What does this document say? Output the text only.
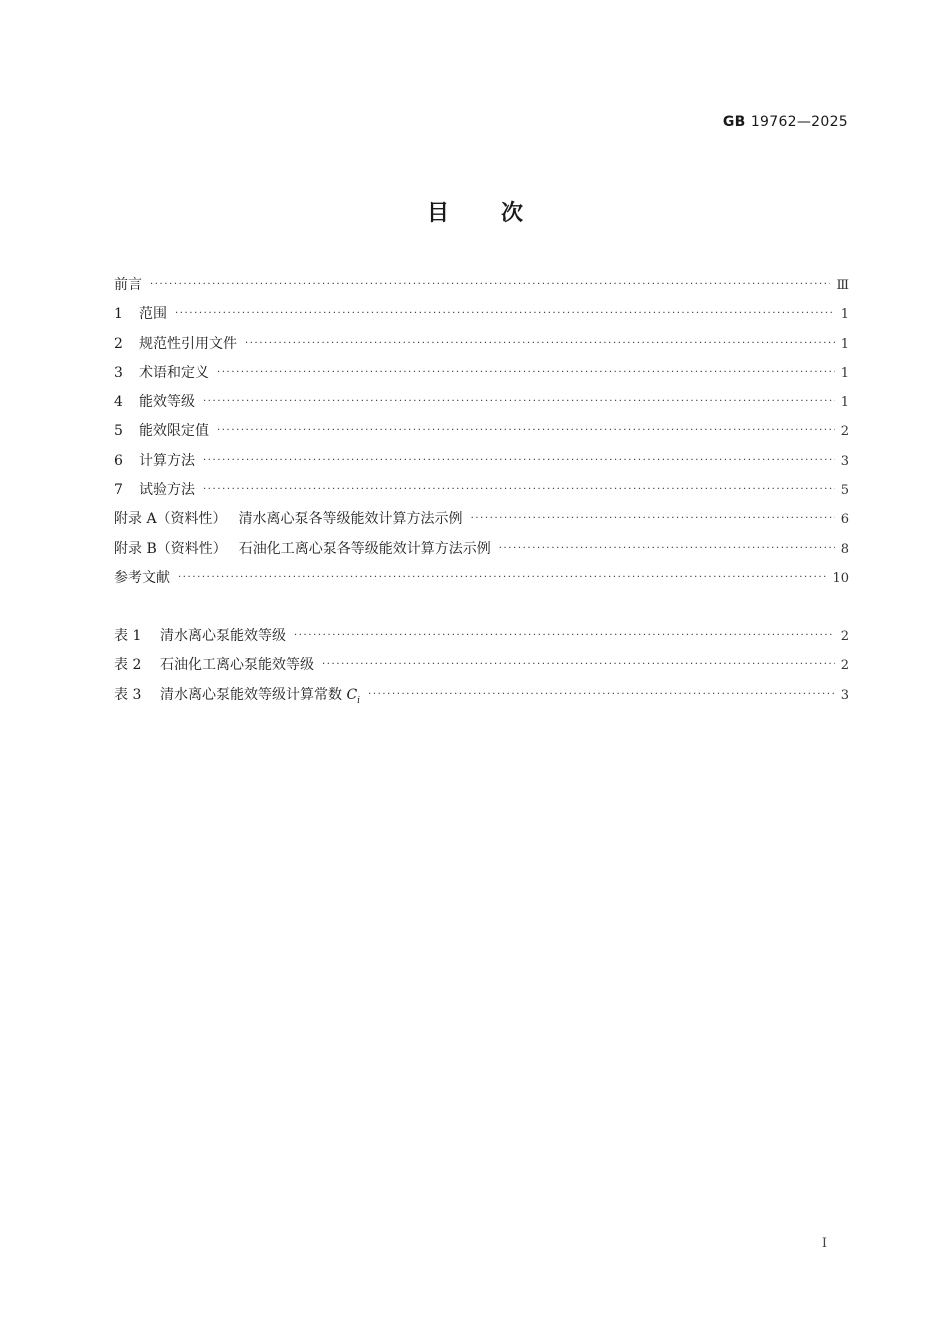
GB 19762—2025
目次
前言 ·····	Ⅲ
1 范围 ·····	1
2 规范性引用文件 ·····	1
3 术语和定义 ·····	1
4 能效等级 ·····	1
5 能效限定值 ·····	2
6 计算方法 ·····	3
7 试验方法 ·····	5
附录 A（资料性） 清水离心泵各等级能效计算方法示例 ·····	6
附录 B（资料性） 石油化工离心泵各等级能效计算方法示例 ·····	8
参考文献 ·····	10
表 1 清水离心泵能效等级 ·····	2
表 2 石油化工离心泵能效等级 ·····	2
表 3 清水离心泵能效等级计算常数 $C_i$ ·····	3
I
